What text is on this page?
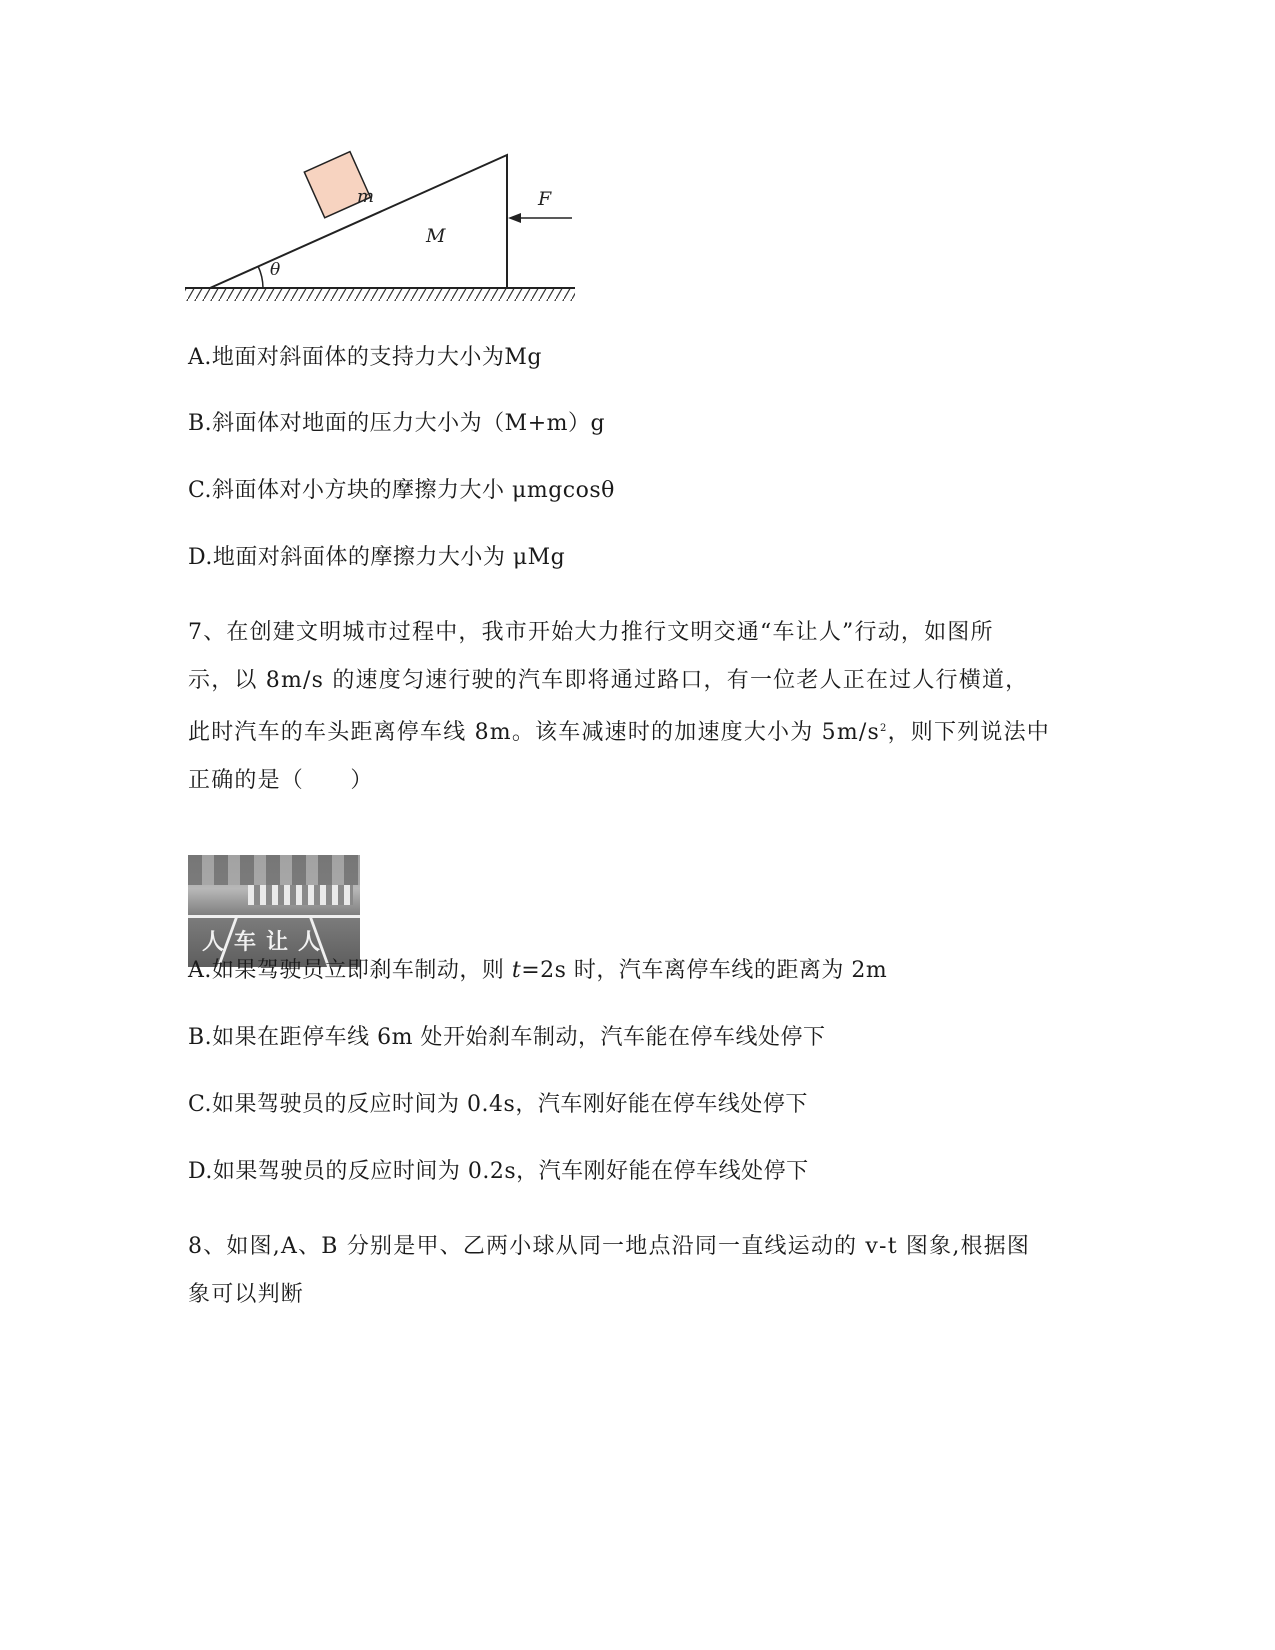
m
M
θ
F
A.地面对斜面体的支持力大小为Mg
B.斜面体对地面的压力大小为（M+m）g
C.斜面体对小方块的摩擦力大小 μmgcosθ
D.地面对斜面体的摩擦力大小为 μMg
7、在创建文明城市过程中，我市开始大力推行文明交通“车让人”行动，如图所
示，以 8m/s 的速度匀速行驶的汽车即将通过路口，有一位老人正在过人行横道，
此时汽车的车头距离停车线 8m。该车减速时的加速度大小为 $5m/s^2$，则下列说法中
正确的是（　　）
人车让人
A.如果驾驶员立即刹车制动，则 t=2s 时，汽车离停车线的距离为 2m
B.如果在距停车线 6m 处开始刹车制动，汽车能在停车线处停下
C.如果驾驶员的反应时间为 0.4s，汽车刚好能在停车线处停下
D.如果驾驶员的反应时间为 0.2s，汽车刚好能在停车线处停下
8、如图,A、B 分别是甲、乙两小球从同一地点沿同一直线运动的 v-t 图象,根据图
象可以判断
